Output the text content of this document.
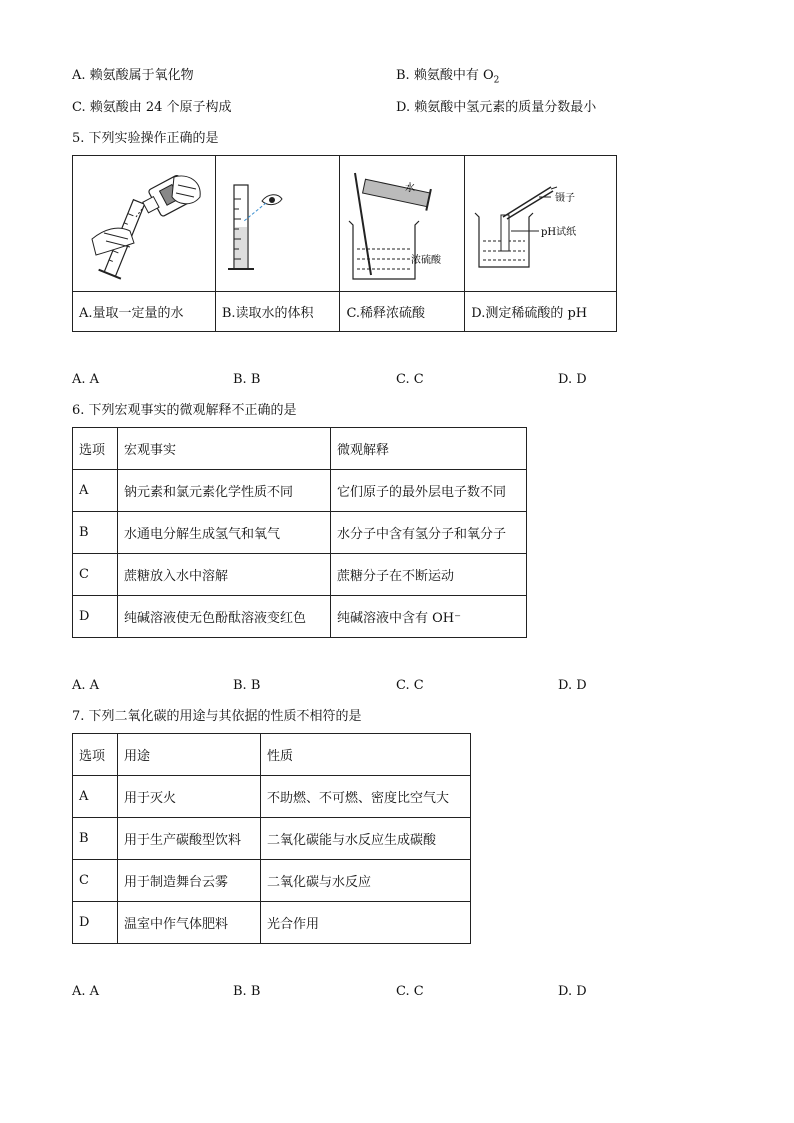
A. 赖氨酸属于氧化物	B. 赖氨酸中有 $O_2$
C. 赖氨酸由 24 个原子构成	D. 赖氨酸中氢元素的质量分数最小
5. 下列实验操作正确的是

水
浓硫酸	镊子
pH试纸

A.量取一定量的水	B.读取水的体积	C.稀释浓硫酸	D.测定稀硫酸的 pH
A. A	B. B	C. C	D. D
6. 下列宏观事实的微观解释不正确的是
选项	宏观事实	微观解释
A	钠元素和氯元素化学性质不同	它们原子的最外层电子数不同
B	水通电分解生成氢气和氧气	水分子中含有氢分子和氧分子
C	蔗糖放入水中溶解	蔗糖分子在不断运动
D	纯碱溶液使无色酚酞溶液变红色	纯碱溶液中含有 OH⁻
A. A	B. B	C. C	D. D
7. 下列二氧化碳的用途与其依据的性质不相符的是
选项	用途	性质
A	用于灭火	不助燃、不可燃、密度比空气大
B	用于生产碳酸型饮料	二氧化碳能与水反应生成碳酸
C	用于制造舞台云雾	二氧化碳与水反应
D	温室中作气体肥料	光合作用
A. A	B. B	C. C	D. D
